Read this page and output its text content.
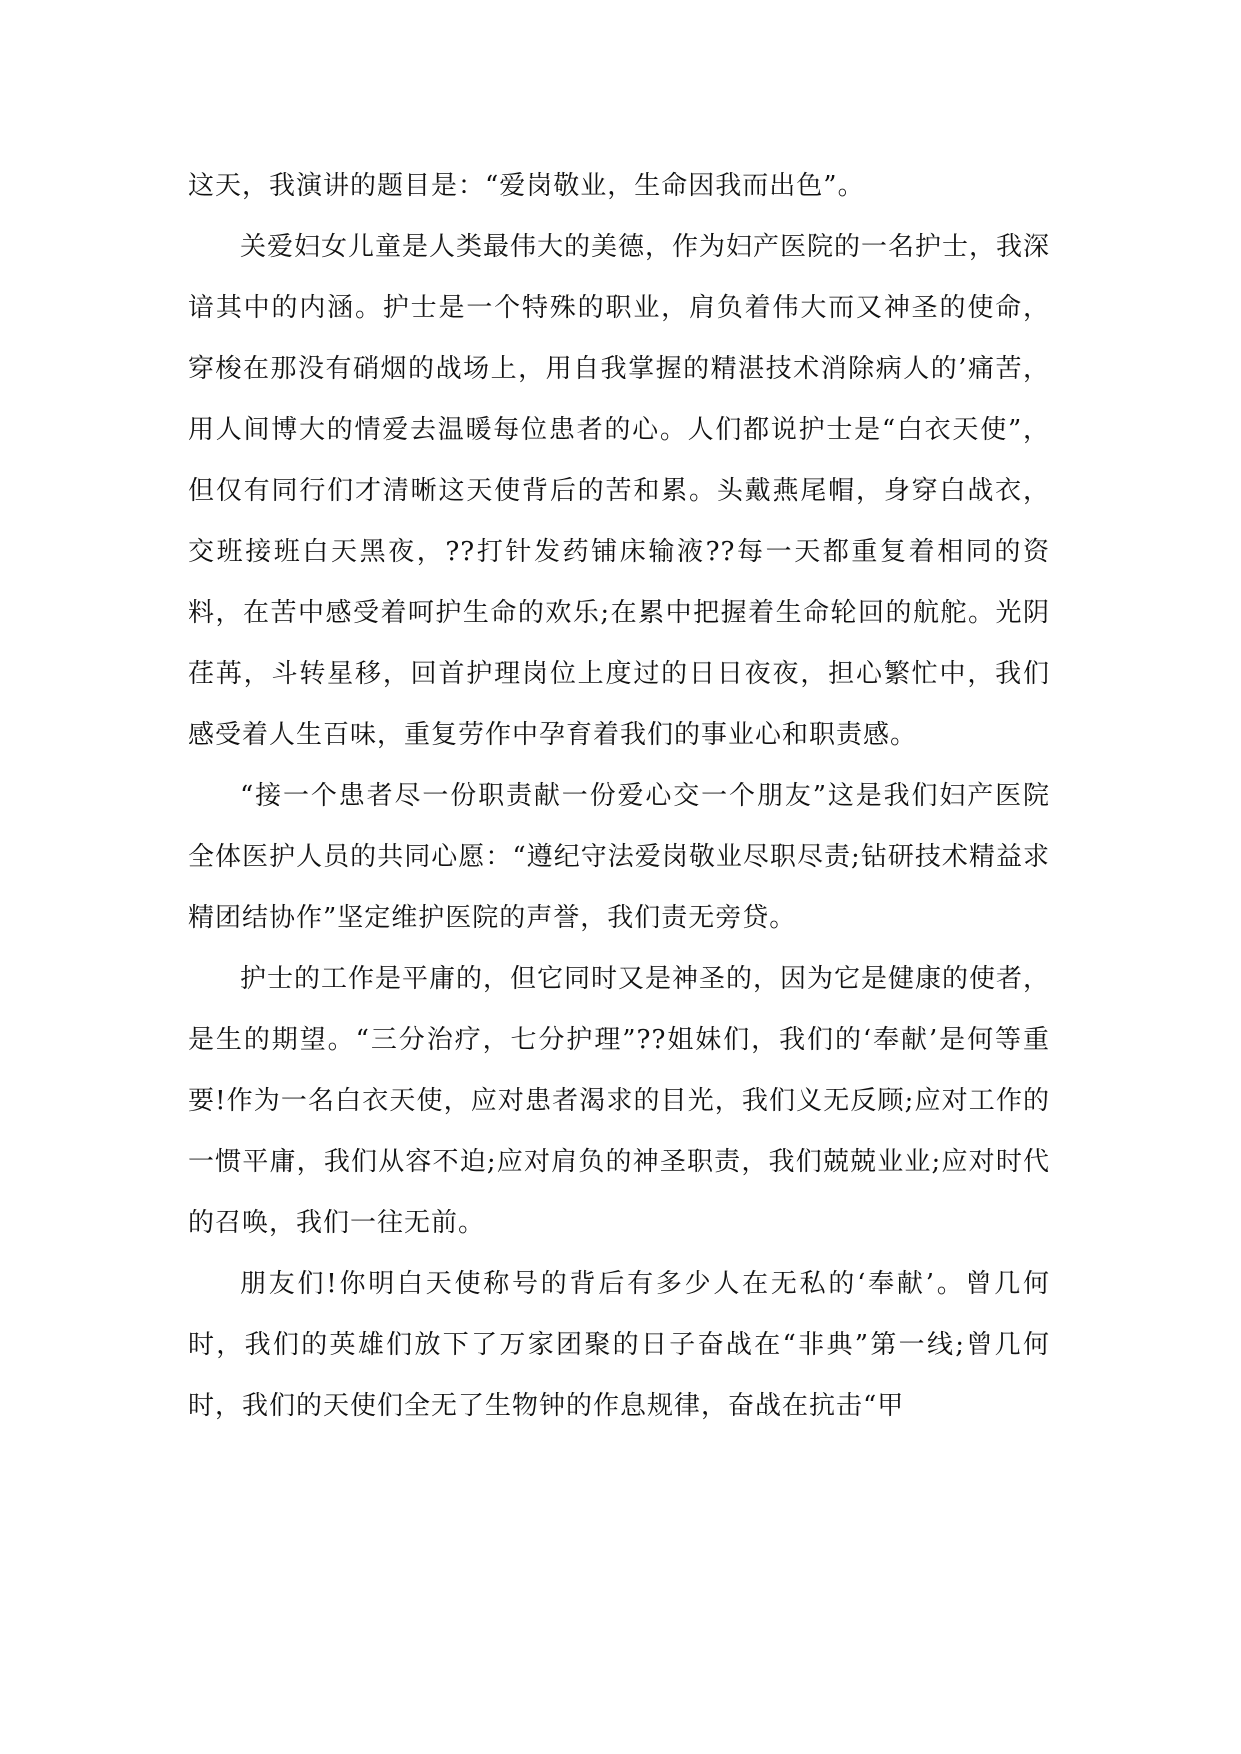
这天，我演讲的题目是：“爱岗敬业，生命因我而出色”。

关爱妇女儿童是人类最伟大的美德，作为妇产医院的一名护士，我深谙其中的内涵。护士是一个特殊的职业，肩负着伟大而又神圣的使命，穿梭在那没有硝烟的战场上，用自我掌握的精湛技术消除病人的’痛苦，用人间博大的情爱去温暖每位患者的心。人们都说护士是“白衣天使”，但仅有同行们才清晰这天使背后的苦和累。头戴燕尾帽，身穿白战衣，交班接班白天黑夜，??打针发药铺床输液??每一天都重复着相同的资料，在苦中感受着呵护生命的欢乐;在累中把握着生命轮回的航舵。光阴荏苒，斗转星移，回首护理岗位上度过的日日夜夜，担心繁忙中，我们感受着人生百味，重复劳作中孕育着我们的事业心和职责感。

“接一个患者尽一份职责献一份爱心交一个朋友”这是我们妇产医院全体医护人员的共同心愿：“遵纪守法爱岗敬业尽职尽责;钻研技术精益求精团结协作”坚定维护医院的声誉，我们责无旁贷。

护士的工作是平庸的，但它同时又是神圣的，因为它是健康的使者，是生的期望。“三分治疗，七分护理”??姐妹们，我们的‘奉献’是何等重要!作为一名白衣天使，应对患者渴求的目光，我们义无反顾;应对工作的一惯平庸，我们从容不迫;应对肩负的神圣职责，我们兢兢业业;应对时代的召唤，我们一往无前。

朋友们!你明白天使称号的背后有多少人在无私的‘奉献’。曾几何时，我们的英雄们放下了万家团聚的日子奋战在“非典”第一线;曾几何时，我们的天使们全无了生物钟的作息规律，奋战在抗击“甲
